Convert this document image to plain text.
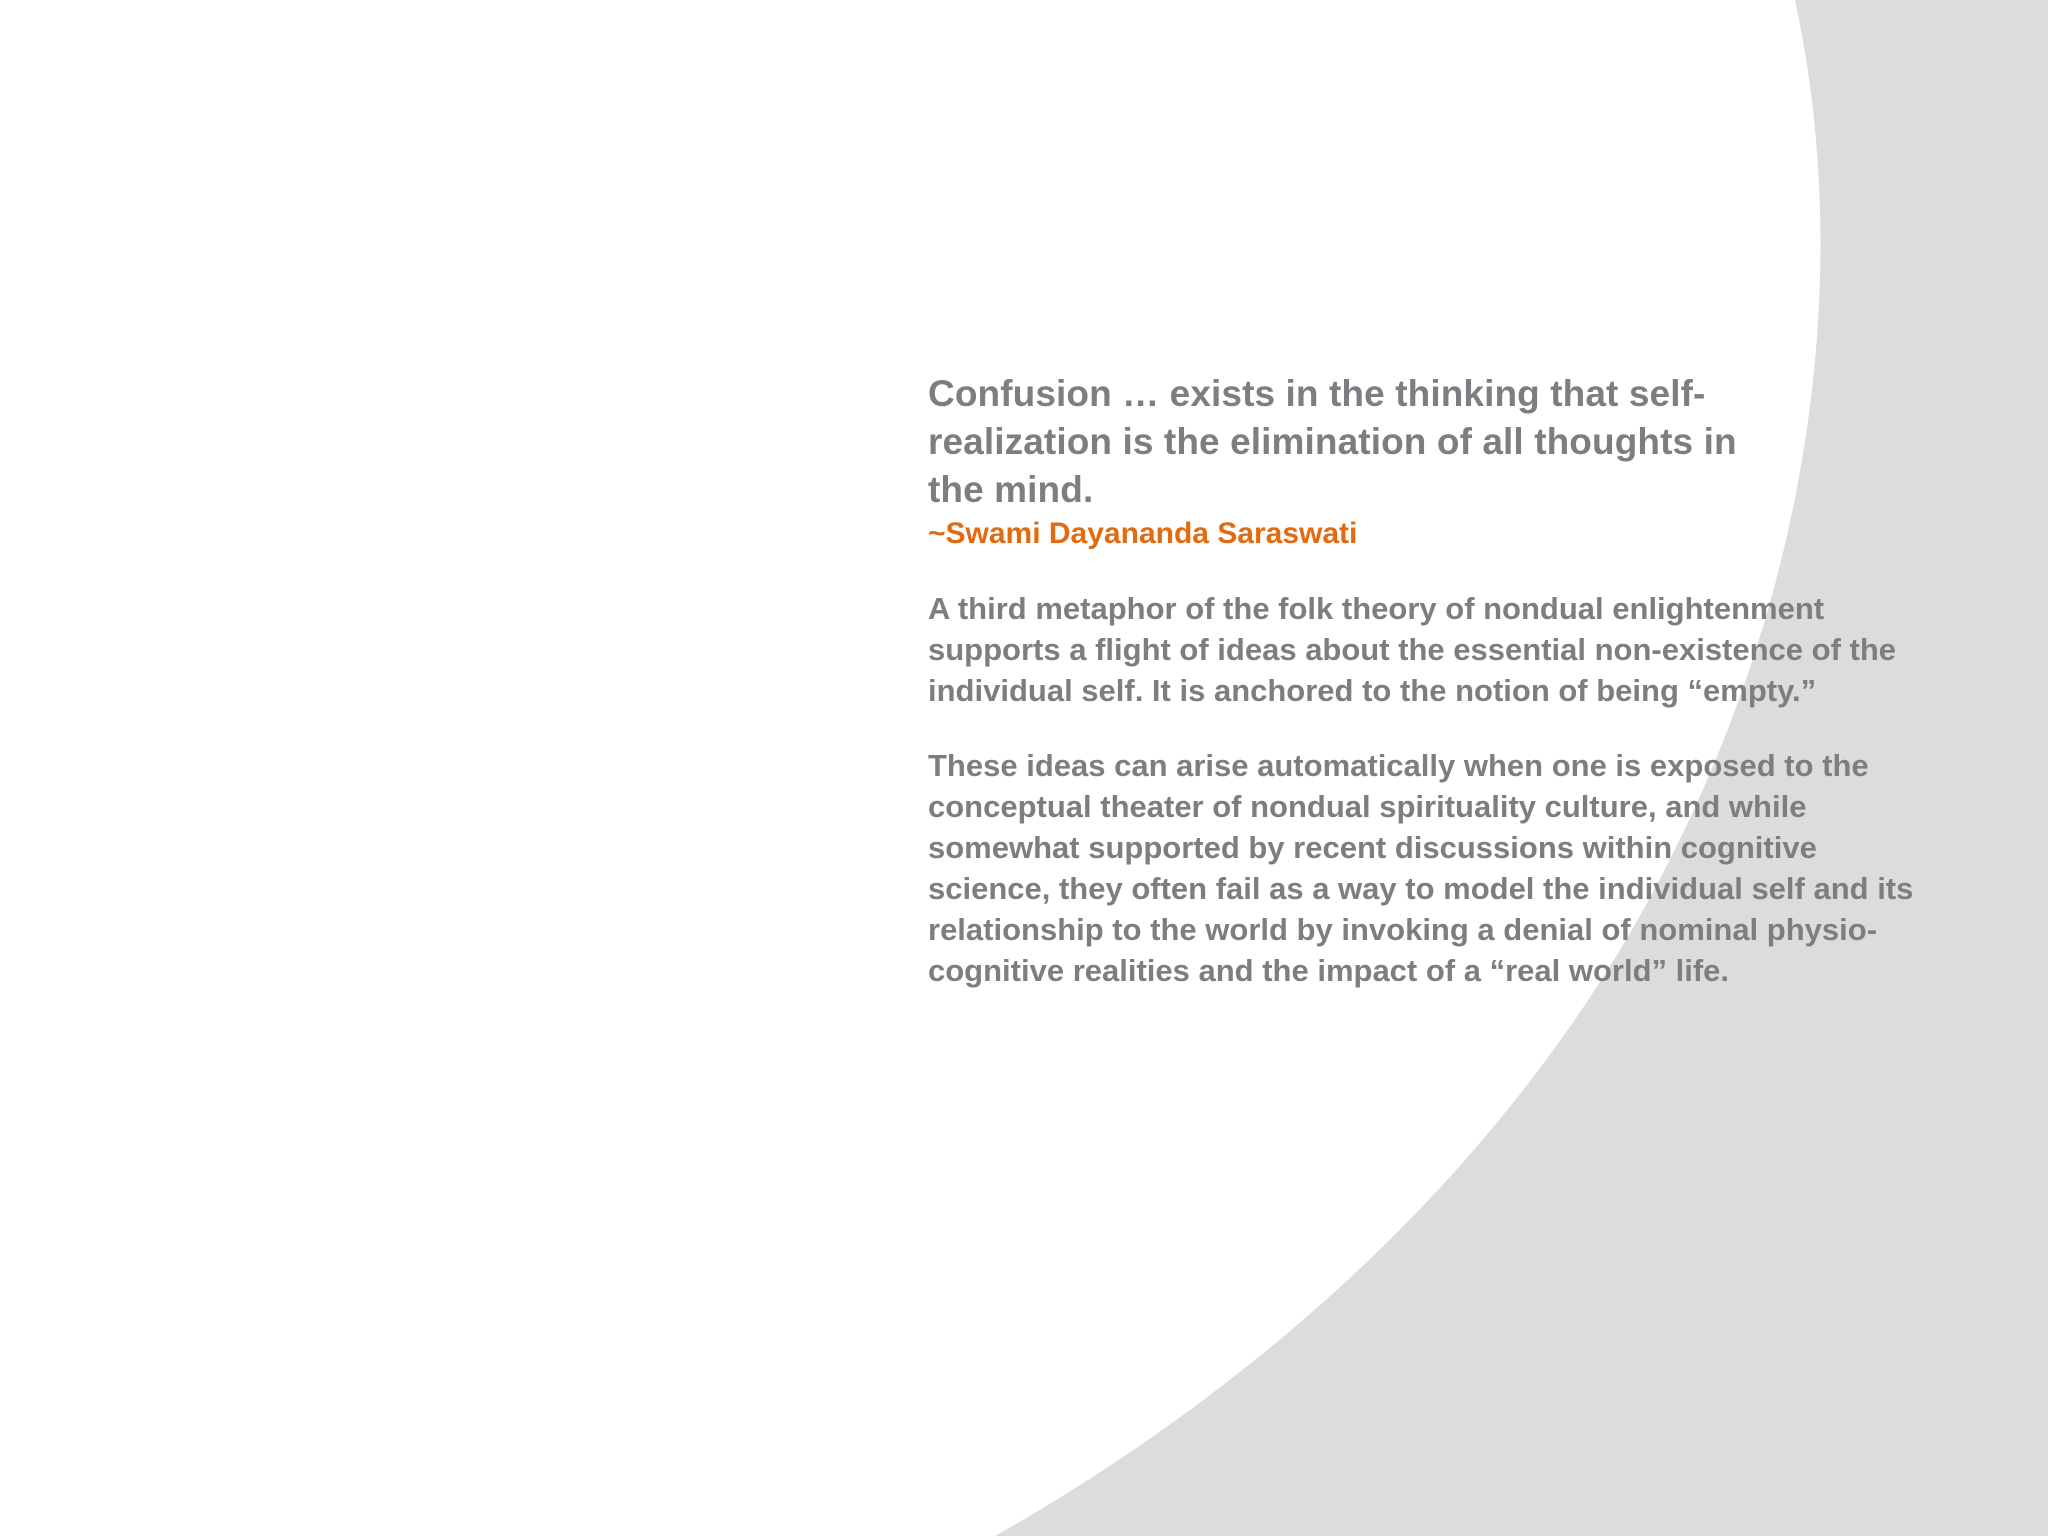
Confusion … exists in the thinking that self-realization is the elimination of all thoughts in the mind.

~Swami Dayananda Saraswati

A third metaphor of the folk theory of nondual enlightenment supports a flight of ideas about the essential non-existence of the individual self. It is anchored to the notion of being “empty.”

These ideas can arise automatically when one is exposed to the conceptual theater of nondual spirituality culture, and while somewhat supported by recent discussions within cognitive science, they often fail as a way to model the individual self and its relationship to the world by invoking a denial of nominal physio-cognitive realities and the impact of a “real world” life.
